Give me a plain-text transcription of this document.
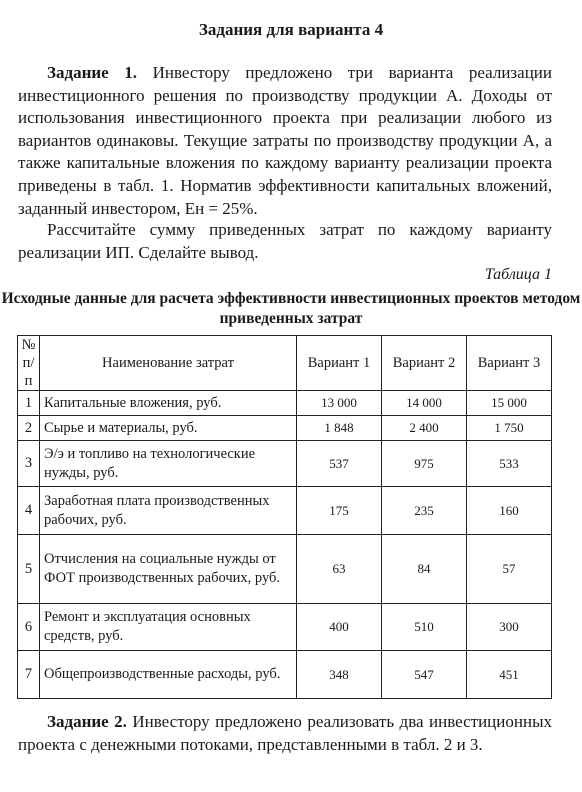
Задания для варианта 4
Задание 1. Инвестору предложено три варианта реализации инвестиционного решения по производству продукции А. Доходы от использования инвестиционного проекта при реализации любого из вариантов одинаковы. Текущие затраты по производству продукции А, а также капитальные вложения по каждому варианту реализации проекта приведены в табл. 1. Норматив эффективности капитальных вложений, заданный инвестором, Ен = 25%.
Рассчитайте сумму приведенных затрат по каждому варианту реализации ИП. Сделайте вывод.
Таблица 1
Исходные данные для расчета эффективности инвестиционных проектов методом приведенных затрат
№ п/п	Наименование затрат	Вариант 1	Вариант 2	Вариант 3
1	Капитальные вложения, руб.	13 000	14 000	15 000
2	Сырье и материалы, руб.	1 848	2 400	1 750
3	Э/э и топливо на технологические нужды, руб.	537	975	533
4	Заработная плата производственных рабочих, руб.	175	235	160
5	Отчисления на социальные нужды от ФОТ производственных рабочих, руб.	63	84	57
6	Ремонт и эксплуатация основных средств, руб.	400	510	300
7	Общепроизводственные расходы, руб.	348	547	451
Задание 2. Инвестору предложено реализовать два инвестиционных проекта с денежными потоками, представленными в табл. 2 и 3.
